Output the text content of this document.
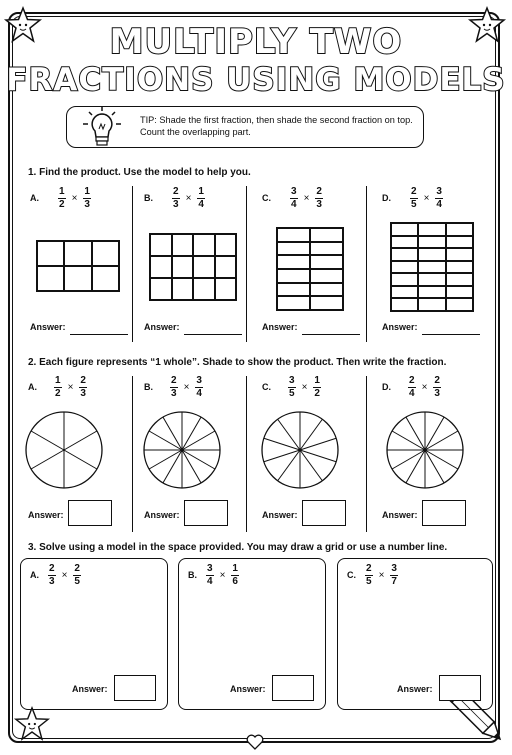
MULTIPLY TWO
FRACTIONS USING MODELS
TIP: Shade the first fraction, then shade the second fraction on top. Count the overlapping part.
1. Find the product. Use the model to help you.
A. $\frac{1}{2} \times \frac{1}{3}$
Answer:
B. $\frac{2}{3} \times \frac{1}{4}$
Answer:
C. $\frac{3}{4} \times \frac{2}{3}$
Answer:
D. $\frac{2}{5} \times \frac{3}{4}$
Answer:
2. Each figure represents “1 whole”. Shade to show the product. Then write the fraction.
A. $\frac{1}{2} \times \frac{2}{3}$
Answer:
B. $\frac{2}{3} \times \frac{3}{4}$
Answer:
C. $\frac{3}{5} \times \frac{1}{2}$
Answer:
D. $\frac{2}{4} \times \frac{2}{3}$
Answer:
3. Solve using a model in the space provided. You may draw a grid or use a number line.
A. $\frac{2}{3} \times \frac{2}{5}$
Answer:
B. $\frac{3}{4} \times \frac{1}{6}$
Answer:
C. $\frac{2}{5} \times \frac{3}{7}$
Answer:
